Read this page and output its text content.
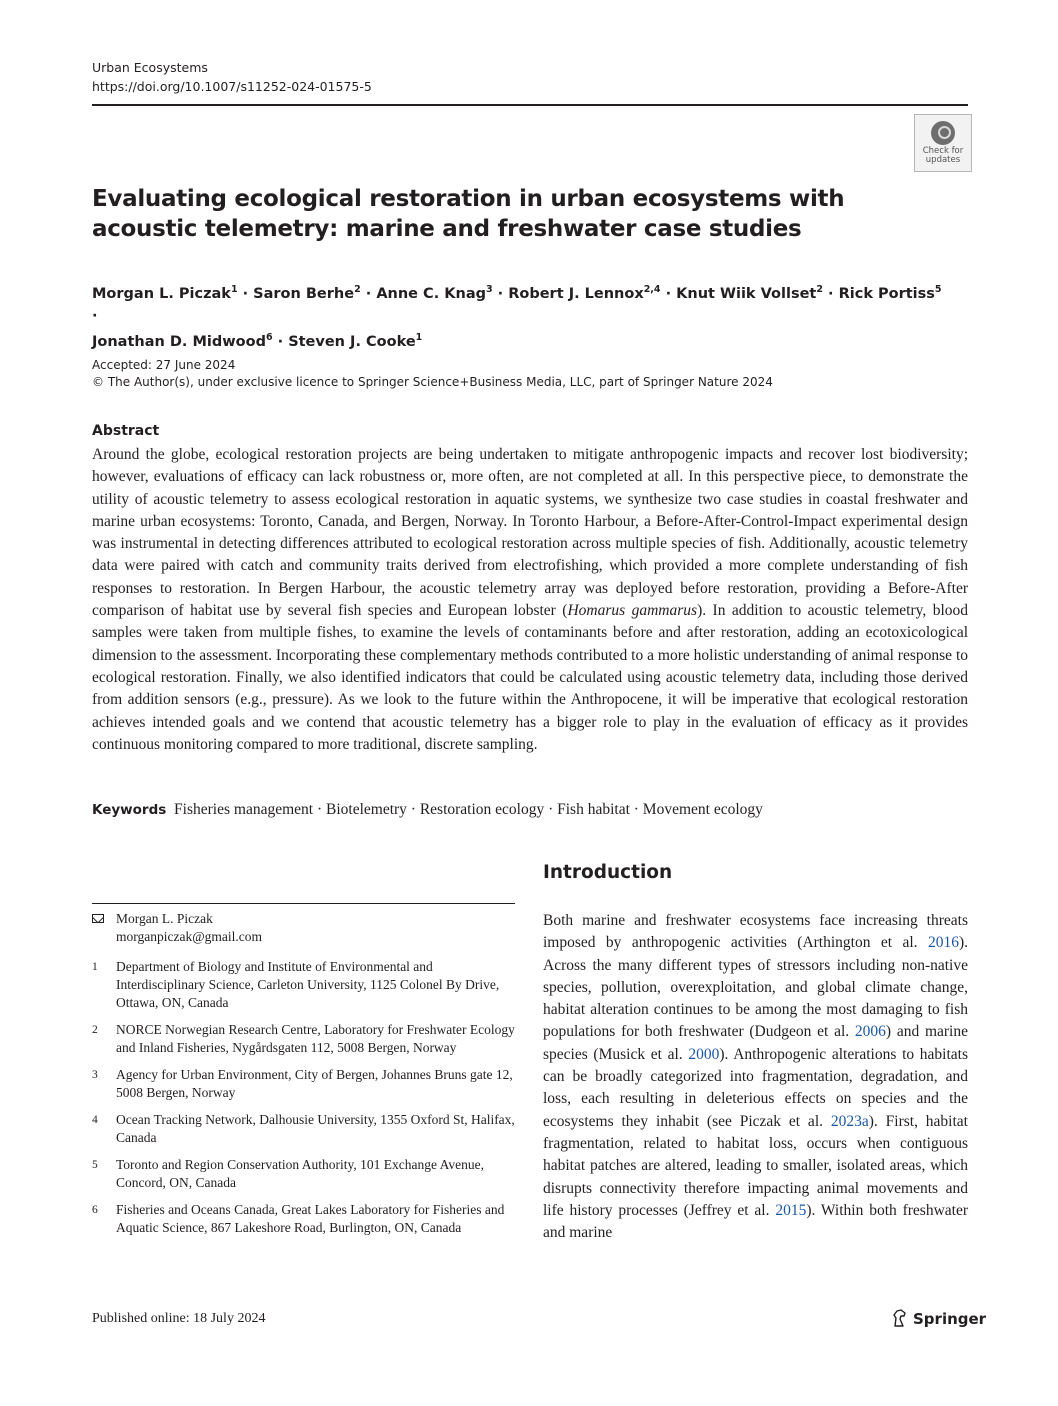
Urban Ecosystems
https://doi.org/10.1007/s11252-024-01575-5
Check for
updates
Evaluating ecological restoration in urban ecosystems with acoustic telemetry: marine and freshwater case studies
Morgan L. Piczak$^1$ · Saron Berhe$^2$ · Anne C. Knag$^3$ · Robert J. Lennox$^{2,4}$ · Knut Wiik Vollset$^2$ · Rick Portiss$^5$ ·
Jonathan D. Midwood$^6$ · Steven J. Cooke$^1$
Accepted: 27 June 2024
© The Author(s), under exclusive licence to Springer Science+Business Media, LLC, part of Springer Nature 2024
Abstract
Around the globe, ecological restoration projects are being undertaken to mitigate anthropogenic impacts and recover lost biodiversity; however, evaluations of efficacy can lack robustness or, more often, are not completed at all. In this perspective piece, to demonstrate the utility of acoustic telemetry to assess ecological restoration in aquatic systems, we synthesize two case studies in coastal freshwater and marine urban ecosystems: Toronto, Canada, and Bergen, Norway. In Toronto Harbour, a Before-After-Control-Impact experimental design was instrumental in detecting differences attributed to ecological restoration across multiple species of fish. Additionally, acoustic telemetry data were paired with catch and community traits derived from electrofishing, which provided a more complete understanding of fish responses to restoration. In Bergen Harbour, the acoustic telemetry array was deployed before restoration, providing a Before-After comparison of habitat use by several fish species and European lobster (Homarus gammarus). In addition to acoustic telemetry, blood samples were taken from multiple fishes, to examine the levels of contaminants before and after restoration, adding an ecotoxicological dimension to the assessment. Incorporating these complementary methods contributed to a more holistic understanding of animal response to ecological restoration. Finally, we also identified indicators that could be calculated using acoustic telemetry data, including those derived from addition sensors (e.g., pressure). As we look to the future within the Anthropocene, it will be imperative that ecological restoration achieves intended goals and we contend that acoustic telemetry has a bigger role to play in the evaluation of efficacy as it provides continuous monitoring compared to more traditional, discrete sampling.
Keywords Fisheries management · Biotelemetry · Restoration ecology · Fish habitat · Movement ecology
Morgan L. Piczak
morganpiczak@gmail.com
1	Department of Biology and Institute of Environmental and Interdisciplinary Science, Carleton University, 1125 Colonel By Drive, Ottawa, ON, Canada
2	NORCE Norwegian Research Centre, Laboratory for Freshwater Ecology and Inland Fisheries, Nygårdsgaten 112, 5008 Bergen, Norway
3	Agency for Urban Environment, City of Bergen, Johannes Bruns gate 12, 5008 Bergen, Norway
4	Ocean Tracking Network, Dalhousie University, 1355 Oxford St, Halifax, Canada
5	Toronto and Region Conservation Authority, 101 Exchange Avenue, Concord, ON, Canada
6	Fisheries and Oceans Canada, Great Lakes Laboratory for Fisheries and Aquatic Science, 867 Lakeshore Road, Burlington, ON, Canada
Introduction
Both marine and freshwater ecosystems face increasing threats imposed by anthropogenic activities (Arthington et al. 2016). Across the many different types of stressors including non-native species, pollution, overexploitation, and global climate change, habitat alteration continues to be among the most damaging to fish populations for both freshwater (Dudgeon et al. 2006) and marine species (Musick et al. 2000). Anthropogenic alterations to habitats can be broadly categorized into fragmentation, degradation, and loss, each resulting in deleterious effects on species and the ecosystems they inhabit (see Piczak et al. 2023a). First, habitat fragmentation, related to habitat loss, occurs when contiguous habitat patches are altered, leading to smaller, isolated areas, which disrupts connectivity therefore impacting animal movements and life history processes (Jeffrey et al. 2015). Within both freshwater and marine
Published online: 18 July 2024	Springer
